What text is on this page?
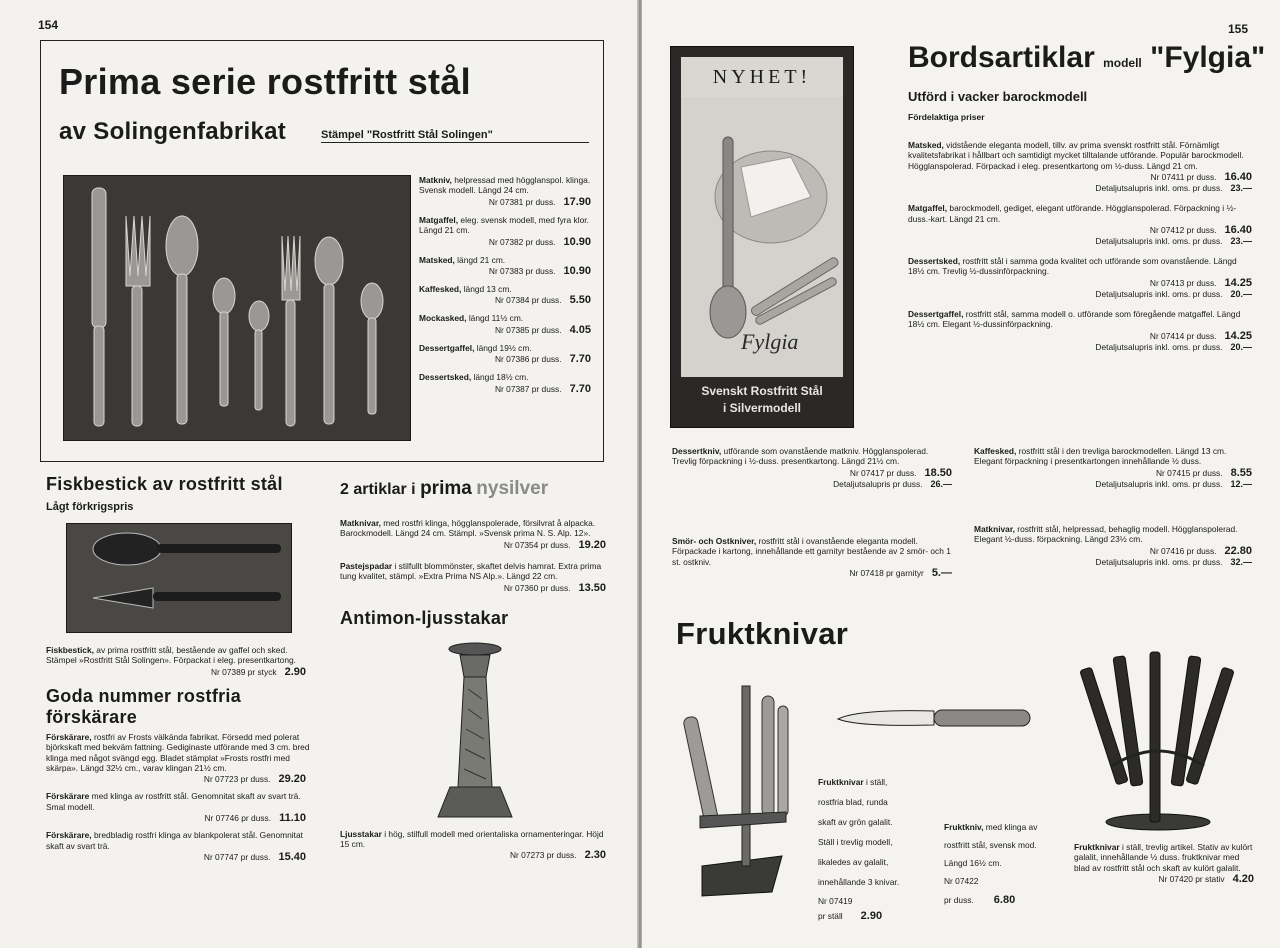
154
Prima serie rostfritt stål
av Solingenfabrikat	Stämpel "Rostfritt Stål Solingen"
Matkniv, helpressad med högglanspol. klinga. Svensk modell. Längd 24 cm.
Nr 07381 pr duss. 17.90
Matgaffel, eleg. svensk modell, med fyra klor. Längd 21 cm.
Nr 07382 pr duss. 10.90
Matsked, längd 21 cm.
Nr 07383 pr duss. 10.90
Kaffesked, längd 13 cm.
Nr 07384 pr duss. 5.50
Mockasked, längd 11½ cm.
Nr 07385 pr duss. 4.05
Dessertgaffel, längd 19½ cm.
Nr 07386 pr duss. 7.70
Dessertsked, längd 18½ cm.
Nr 07387 pr duss. 7.70
Fiskbestick av rostfritt stål
Lågt förkrigspris
Fiskbestick, av prima rostfritt stål, bestående av gaffel och sked. Stämpel »Rostfritt Stål Solingen». Förpackat i eleg. presentkartong.
Nr 07389 pr styck 2.90
Goda nummer rostfria förskärare
Förskärare, rostfri av Frosts välkända fabrikat. Försedd med polerat björkskaft med bekväm fattning. Gediginaste utförande med 3 cm. bred klinga med något svängd egg. Bladet stämplat »Frosts rostfri med skärpa». Längd 32½ cm., varav klingan 21½ cm.
Nr 07723 pr duss. 29.20
Förskärare med klinga av rostfritt stål. Genomnitat skaft av svart trä. Smal modell.
Nr 07746 pr duss. 11.10
Förskärare, bredbladig rostfri klinga av blankpolerat stål. Genomnitat skaft av svart trä.
Nr 07747 pr duss. 15.40
2 artiklar i prima nysilver
Matknivar, med rostfri klinga, högglanspolerade, försilvrat å alpacka. Barockmodell. Längd 24 cm. Stämpl. »Svensk prima N. S. Alp. 12».
Nr 07354 pr duss. 19.20
Pastejspadar i stilfullt blommönster, skaftet delvis hamrat. Extra prima tung kvalitet, stämpl. »Extra Prima NS Alp.». Längd 22 cm.
Nr 07360 pr duss. 13.50
Antimon-ljusstakar
Ljusstakar i hög, stilfull modell med orientaliska ornamenteringar. Höjd 15 cm.
Nr 07273 pr duss. 2.30
155
NYHET!
Fylgia
Svenskt Rostfritt Stål
i Silvermodell
Bordsartiklar modell "Fylgia"
Utförd i vacker barockmodell
Fördelaktiga priser
Matsked, vidstående eleganta modell, tillv. av prima svenskt rostfritt stål. Förnämligt kvalitetsfabrikat i hållbart och samtidigt mycket tilltalande utförande. Populär barockmodell. Högglanspolerad. Förpackad i eleg. presentkartong om ½-duss. Längd 21 cm.
Nr 07411 pr duss. 16.40
Detaljutsalupris inkl. oms. pr duss. 23.—
Matgaffel, barockmodell, gediget, elegant utförande. Högglanspolerad. Förpackning i ½-duss.-kart. Längd 21 cm.
Nr 07412 pr duss. 16.40
Detaljutsalupris inkl. oms. pr duss. 23.—
Dessertsked, rostfritt stål i samma goda kvalitet och utförande som ovanstående. Längd 18½ cm. Trevlig ½-dussinförpackning.
Nr 07413 pr duss. 14.25
Detaljutsalupris inkl. oms. pr duss. 20.—
Dessertgaffel, rostfritt stål, samma modell o. utförande som föregående matgaffel. Längd 18½ cm. Elegant ½-dussinförpackning.
Nr 07414 pr duss. 14.25
Detaljutsalupris inkl. oms. pr duss. 20.—
Dessertkniv, utförande som ovanstående matkniv. Högglanspolerad. Trevlig förpackning i ½-duss. presentkartong. Längd 21½ cm.
Nr 07417 pr duss. 18.50
Detaljutsalupris pr duss. 26.—
Smör- och Ostkniver, rostfritt stål i ovanstående eleganta modell. Förpackade i kartong, innehållande ett garnityr bestående av 2 smör- och 1 st. ostkniv.
Nr 07418 pr garnityr 5.—
Kaffesked, rostfritt stål i den trevliga barockmodellen. Längd 13 cm. Elegant förpackning i presentkartongen innehållande ½ duss.
Nr 07415 pr duss. 8.55
Detaljutsalupris inkl. oms. pr duss. 12.—
Matknivar, rostfritt stål, helpressad, behaglig modell. Högglanspolerad. Elegant ½-duss. förpackning. Längd 23½ cm.
Nr 07416 pr duss. 22.80
Detaljutsalupris inkl. oms. pr duss. 32.—
Fruktknivar
Fruktknivar i ställ, rostfria blad, runda skaft av grön galalit. Ställ i trevlig modell, likaledes av galalit, innehållande 3 knivar.
Nr 07419
pr ställ 2.90
Fruktkniv, med klinga av rostfritt stål, svensk mod. Längd 16½ cm.
Nr 07422
pr duss. 6.80
Fruktknivar i ställ, trevlig artikel. Stativ av kulört galalit, innehållande ½ duss. fruktknivar med blad av rostfritt stål och skaft av kulört galalit.
Nr 07420 pr stativ 4.20
